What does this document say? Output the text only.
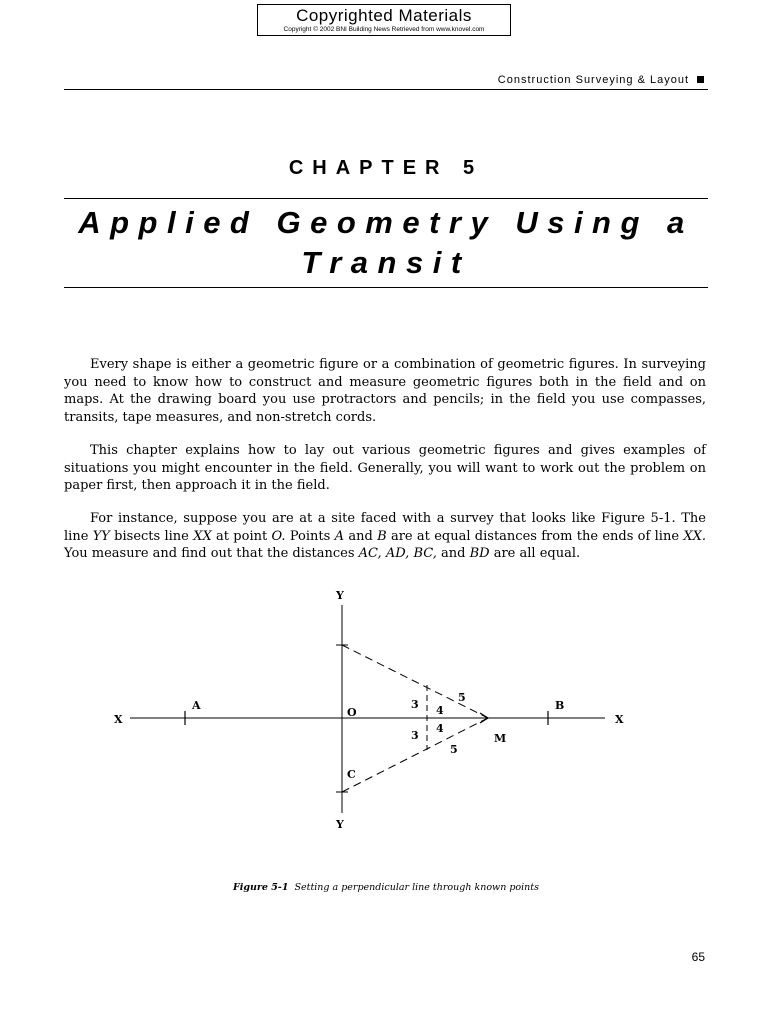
Copyrighted Materials
Copyright © 2002 BNI Building News Retrieved from www.knovel.com
Construction Surveying & Layout
CHAPTER 5
Applied Geometry Using a
Transit

Every shape is either a geometric figure or a combination of geometric figures. In surveying you need to know how to construct and measure geometric figures both in the field and on maps. At the drawing board you use protractors and pencils; in the field you use compasses, transits, tape measures, and non-stretch cords.

This chapter explains how to lay out various geometric figures and gives examples of situations you might encounter in the field. Generally, you will want to work out the problem on paper first, then approach it in the field.

For instance, suppose you are at a site faced with a survey that looks like Figure 5-1. The line YY bisects line XX at point O. Points A and B are at equal distances from the ends of line XX. You measure and find out that the distances AC, AD, BC, and BD are all equal.

Y
Y
X	X
A	B
O
M
C
3 4
5
3
4
5
Figure 5-1 Setting a perpendicular line through known points
65
